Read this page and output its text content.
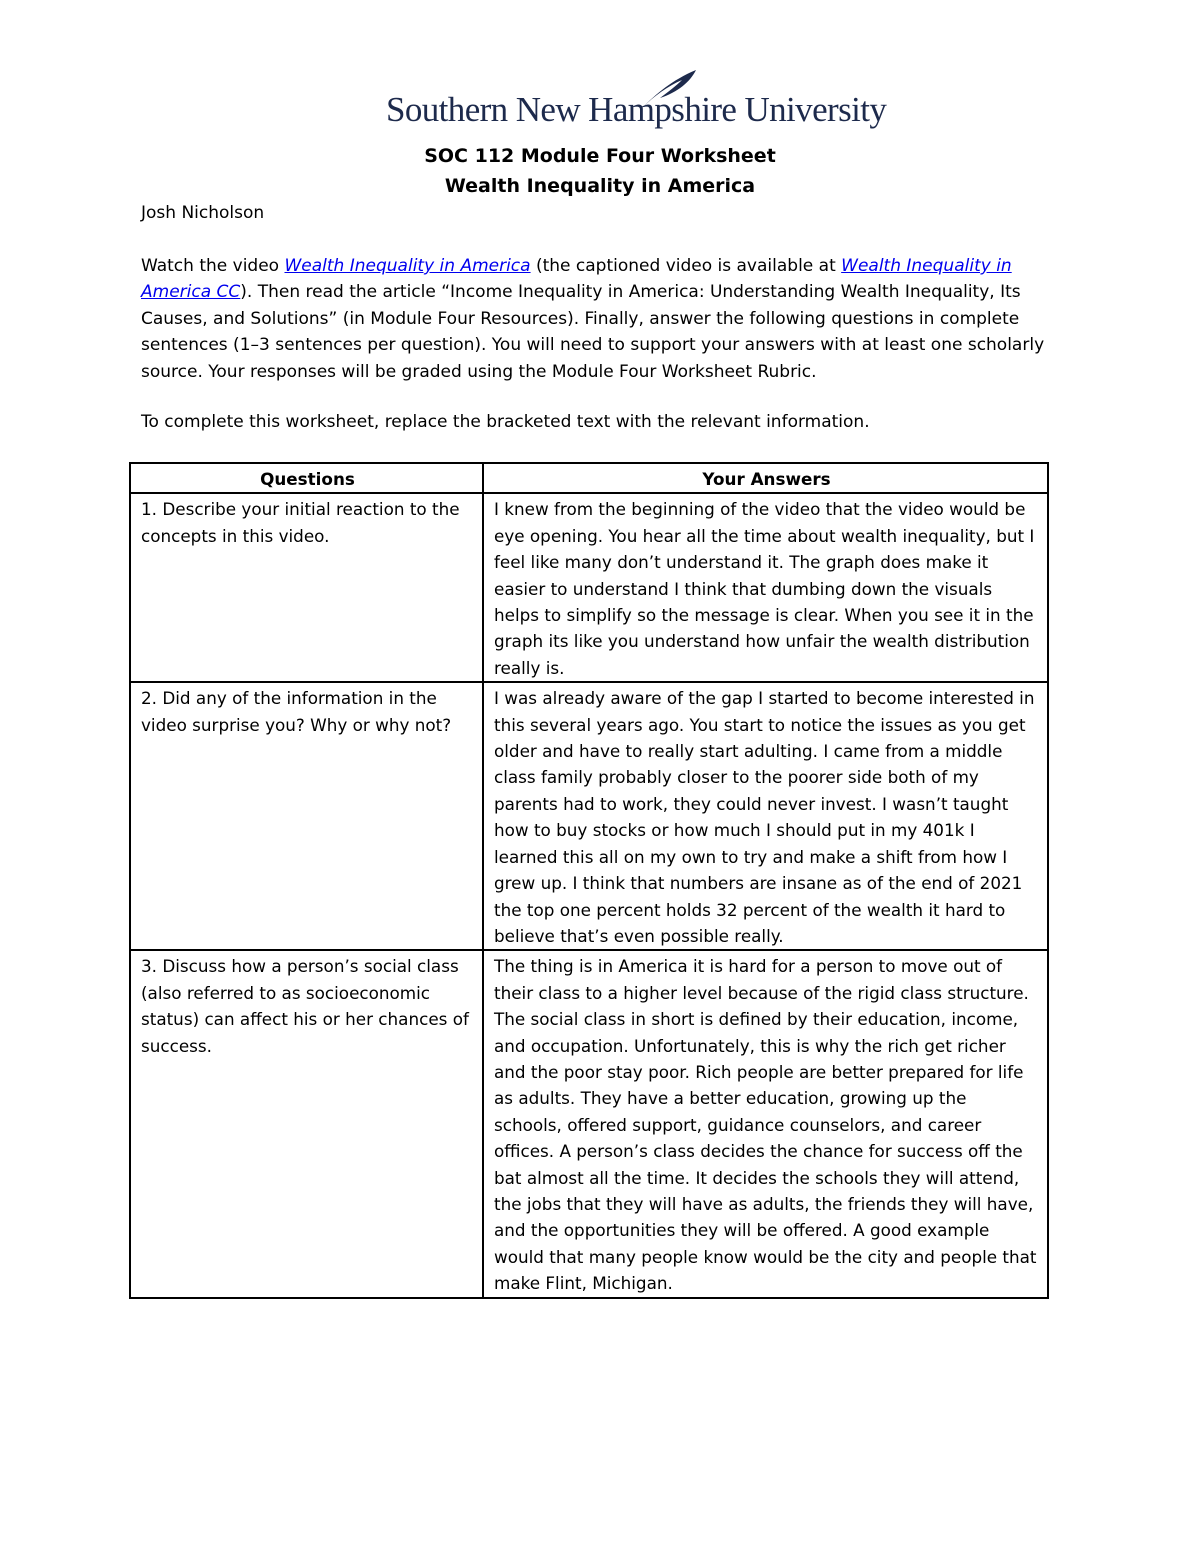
Southern New Hampshire University
SOC 112 Module Four Worksheet
Wealth Inequality in America
Josh Nicholson
Watch the video Wealth Inequality in America (the captioned video is available at Wealth Inequality in America CC). Then read the article “Income Inequality in America: Understanding Wealth Inequality, Its Causes, and Solutions” (in Module Four Resources). Finally, answer the following questions in complete sentences (1–3 sentences per question). You will need to support your answers with at least one scholarly source. Your responses will be graded using the Module Four Worksheet Rubric.
To complete this worksheet, replace the bracketed text with the relevant information.
Questions	Your Answers
1. Describe your initial reaction to the concepts in this video.	I knew from the beginning of the video that the video would be eye opening. You hear all the time about wealth inequality, but I feel like many don’t understand it. The graph does make it easier to understand I think that dumbing down the visuals helps to simplify so the message is clear. When you see it in the graph its like you understand how unfair the wealth distribution really is.
2. Did any of the information in the video surprise you? Why or why not?	I was already aware of the gap I started to become interested in this several years ago. You start to notice the issues as you get older and have to really start adulting. I came from a middle class family probably closer to the poorer side both of my parents had to work, they could never invest. I wasn’t taught how to buy stocks or how much I should put in my 401k I learned this all on my own to try and make a shift from how I grew up. I think that numbers are insane as of the end of 2021 the top one percent holds 32 percent of the wealth it hard to believe that’s even possible really.
3. Discuss how a person’s social class (also referred to as socioeconomic status) can affect his or her chances of success.	The thing is in America it is hard for a person to move out of their class to a higher level because of the rigid class structure. The social class in short is defined by their education, income, and occupation. Unfortunately, this is why the rich get richer and the poor stay poor. Rich people are better prepared for life as adults. They have a better education, growing up the schools, offered support, guidance counselors, and career offices. A person’s class decides the chance for success off the bat almost all the time. It decides the schools they will attend, the jobs that they will have as adults, the friends they will have, and the opportunities they will be offered. A good example would that many people know would be the city and people that make Flint, Michigan.
